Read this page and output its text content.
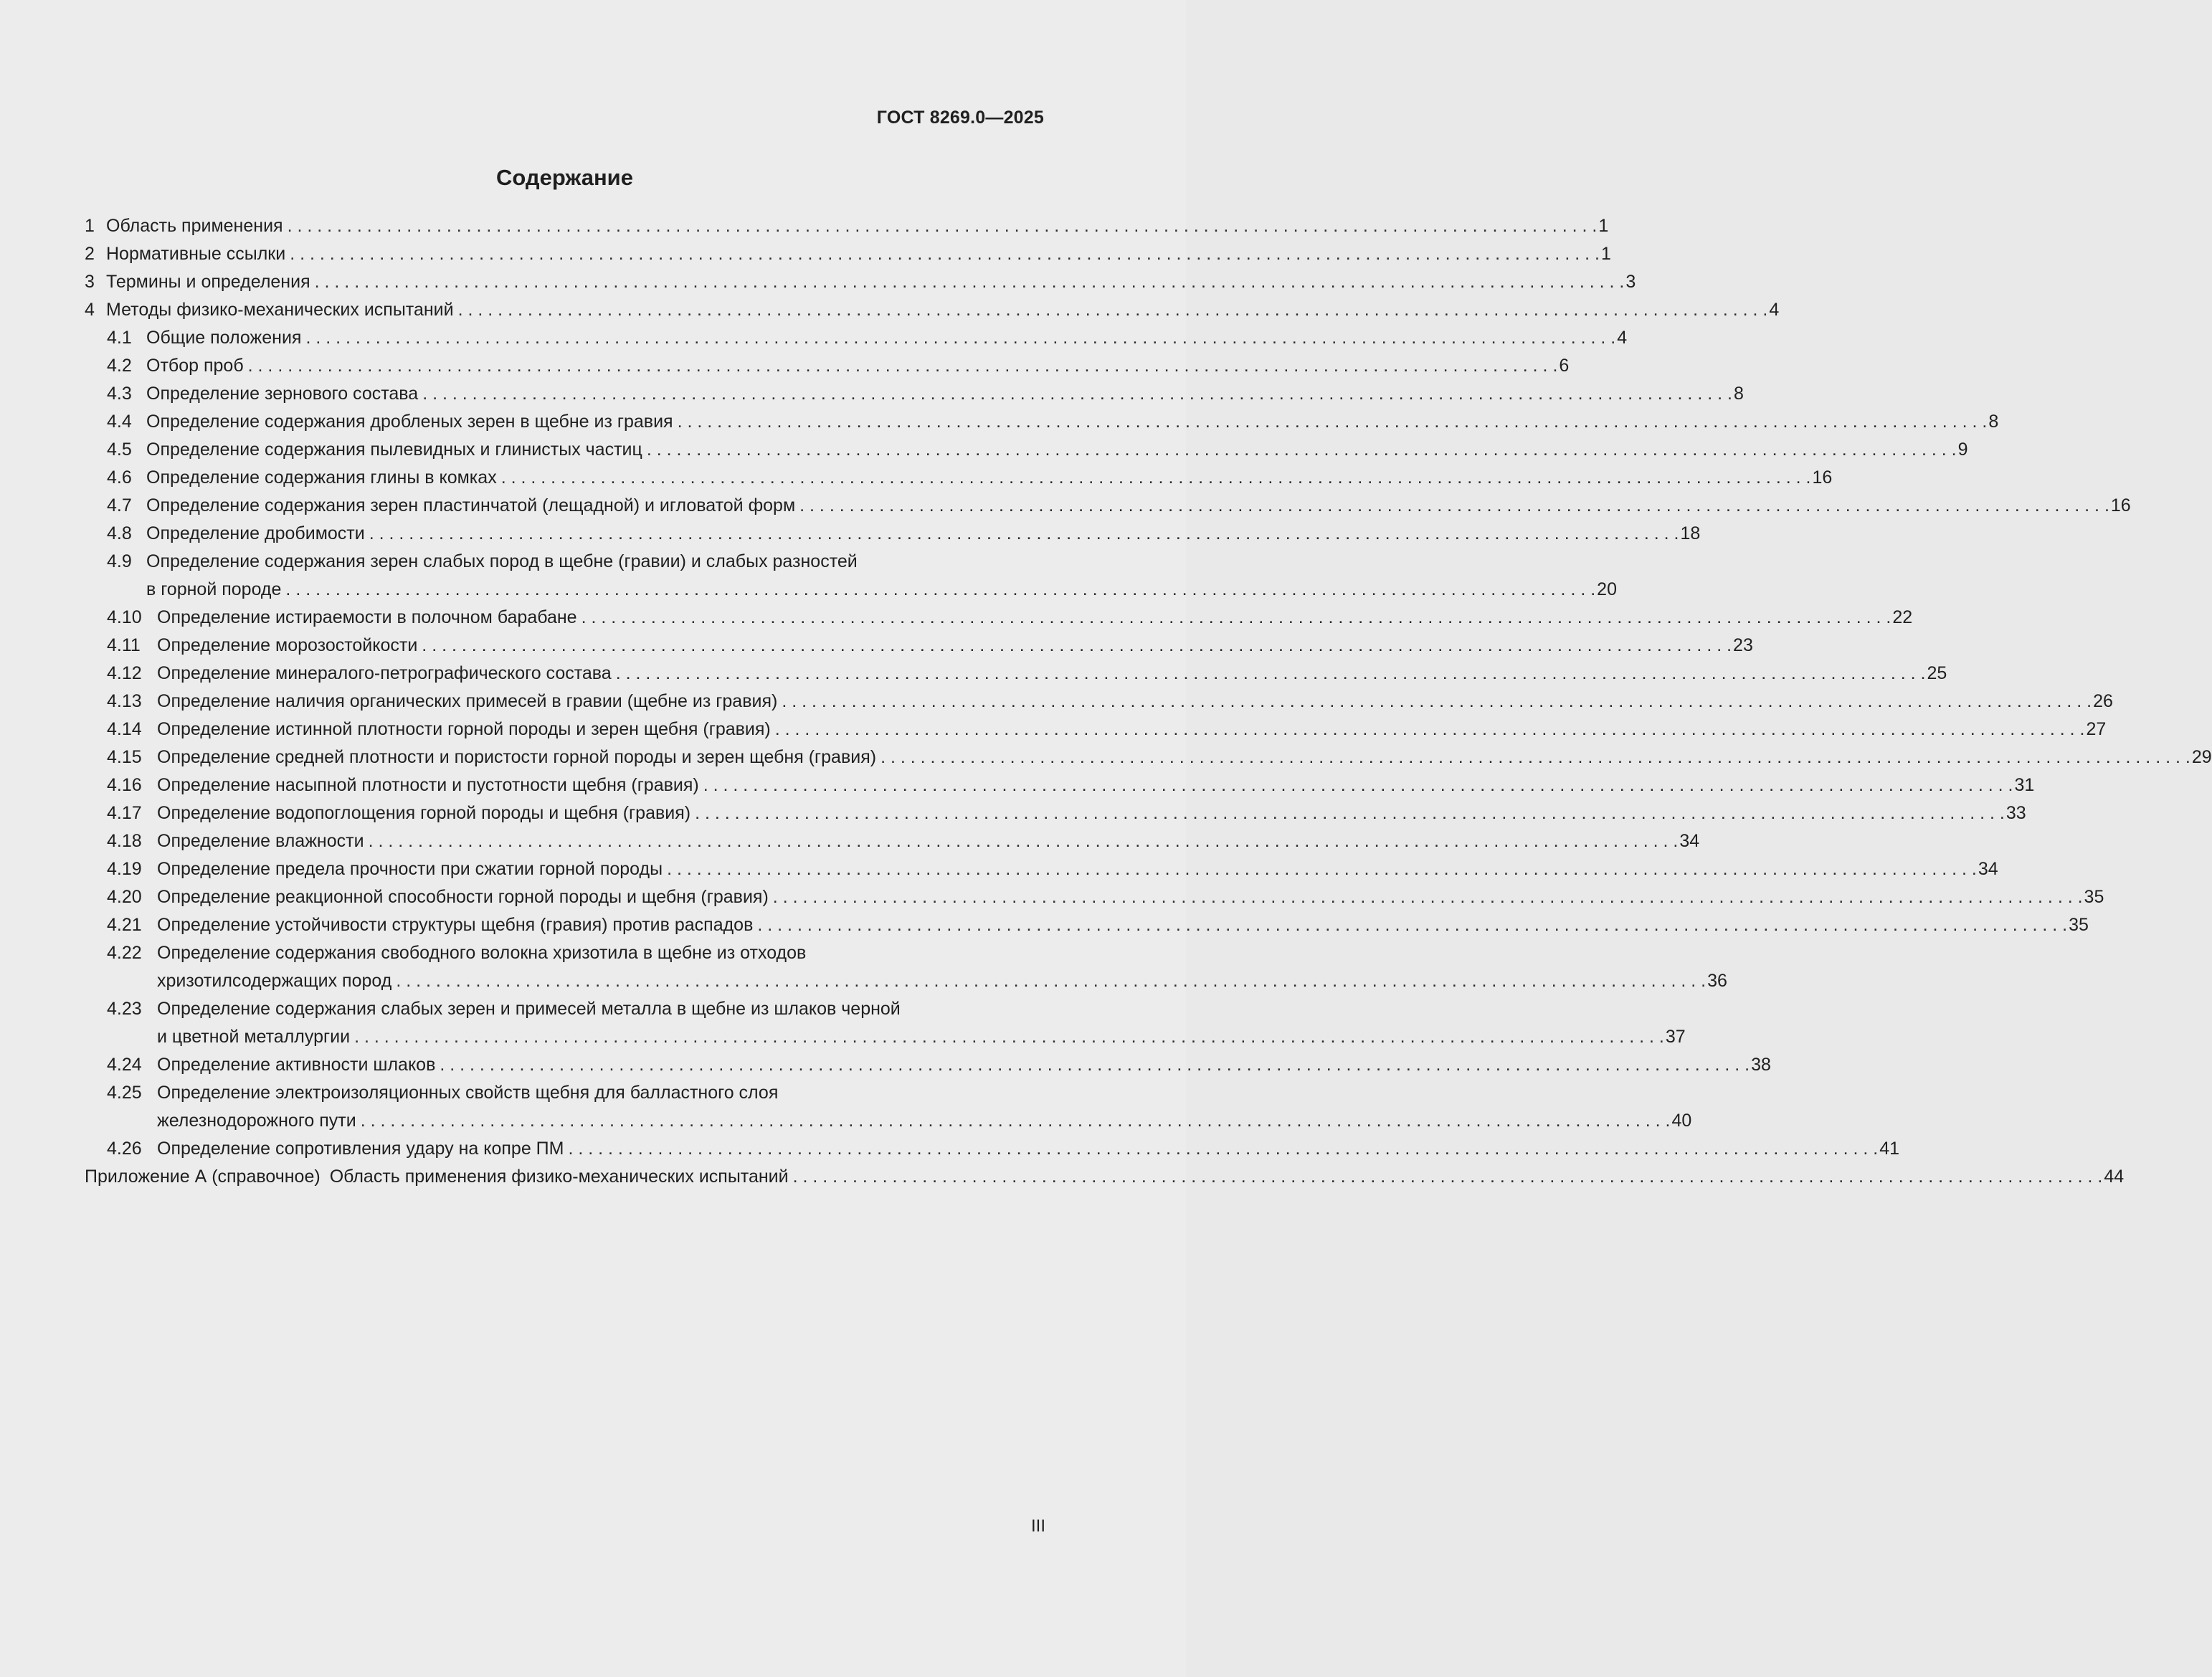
ГОСТ 8269.0—2025
Содержание
1 Область применения . . .	1
2 Нормативные ссылки . . .	1
3 Термины и определения . . .	3
4 Методы физико-механических испытаний . . .	4
4.1 Общие положения . . .	4
4.2 Отбор проб . . .	6
4.3 Определение зернового состава . . .	8
4.4 Определение содержания дробленых зерен в щебне из гравия . . .	8
4.5 Определение содержания пылевидных и глинистых частиц . . .	9
4.6 Определение содержания глины в комках . . .	16
4.7 Определение содержания зерен пластинчатой (лещадной) и игловатой форм . . .	16
4.8 Определение дробимости . . .	18
4.9 Определение содержания зерен слабых пород в щебне (гравии) и слабых разностей
в горной породе . . .	20
4.10 Определение истираемости в полочном барабане . . .	22
4.11 Определение морозостойкости . . .	23
4.12 Определение минералого-петрографического состава . . .	25
4.13 Определение наличия органических примесей в гравии (щебне из гравия) . . .	26
4.14 Определение истинной плотности горной породы и зерен щебня (гравия) . . .	27
4.15 Определение средней плотности и пористости горной породы и зерен щебня (гравия) . . .	29
4.16 Определение насыпной плотности и пустотности щебня (гравия) . . .	31
4.17 Определение водопоглощения горной породы и щебня (гравия) . . .	33
4.18 Определение влажности . . .	34
4.19 Определение предела прочности при сжатии горной породы . . .	34
4.20 Определение реакционной способности горной породы и щебня (гравия) . . .	35
4.21 Определение устойчивости структуры щебня (гравия) против распадов . . .	35
4.22 Определение содержания свободного волокна хризотила в щебне из отходов
хризотилсодержащих пород . . .	36
4.23 Определение содержания слабых зерен и примесей металла в щебне из шлаков черной
и цветной металлургии . . .	37
4.24 Определение активности шлаков . . .	38
4.25 Определение электроизоляционных свойств щебня для балластного слоя
железнодорожного пути . . .	40
4.26 Определение сопротивления удару на копре ПМ . . .	41
Приложение А (справочное) Область применения физико-механических испытаний . . .	44
III
